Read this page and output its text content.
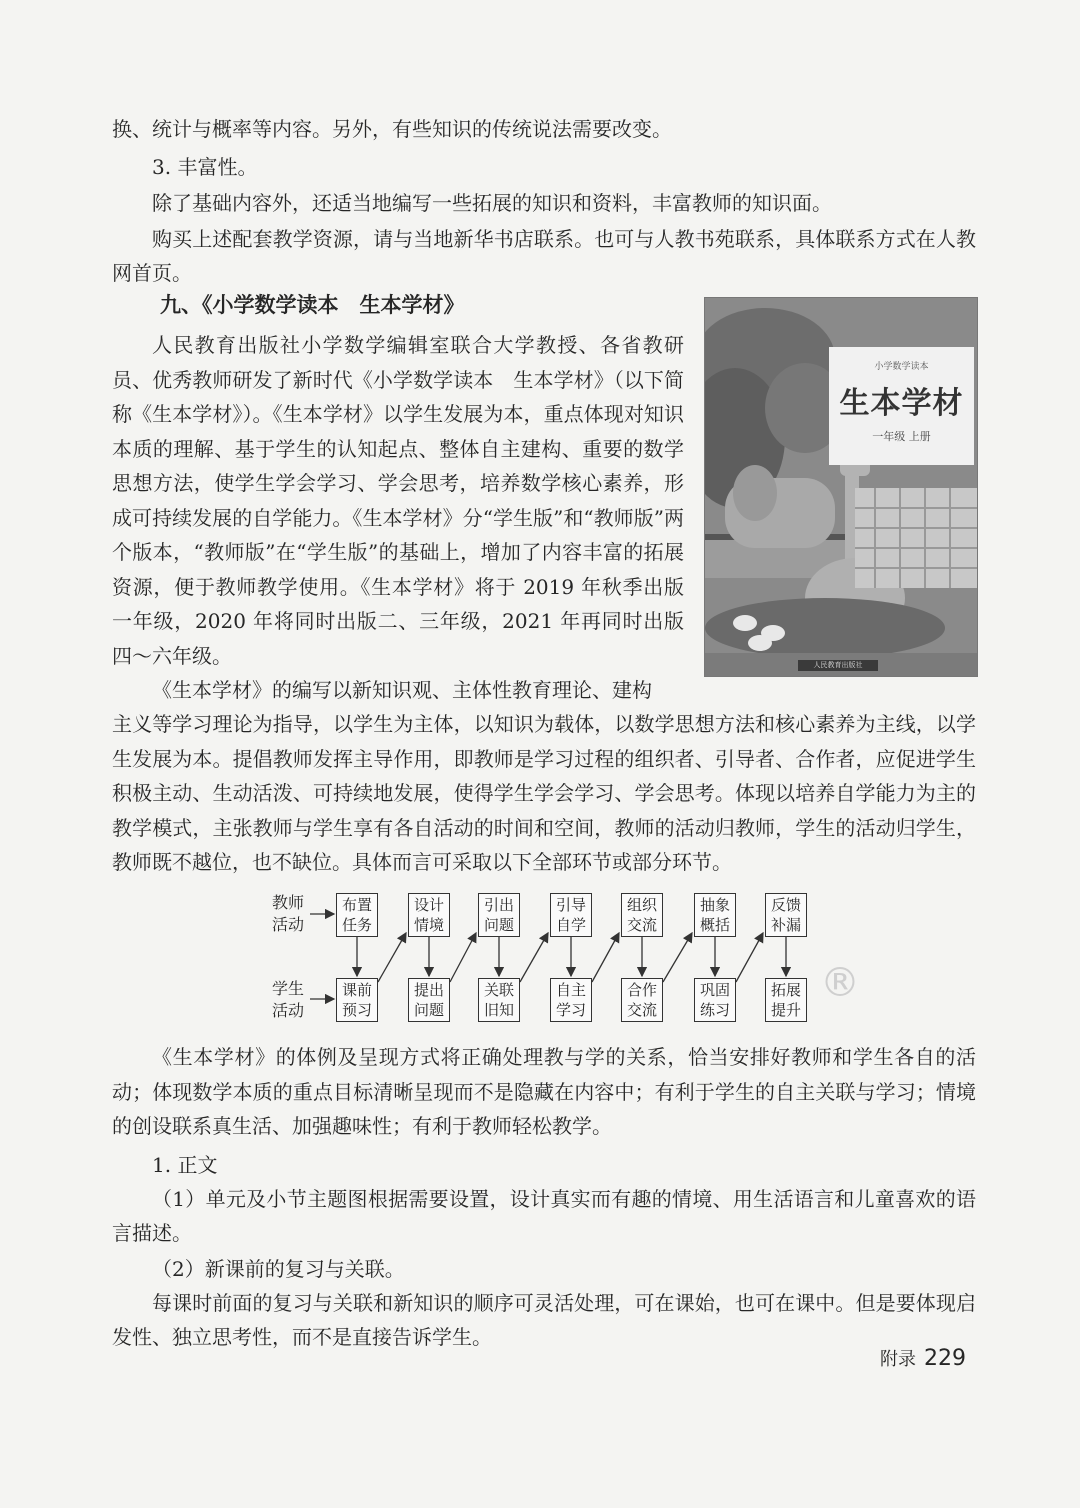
换、统计与概率等内容。另外，有些知识的传统说法需要改变。

3. 丰富性。

除了基础内容外，还适当地编写一些拓展的知识和资料，丰富教师的知识面。

购买上述配套教学资源，请与当地新华书店联系。也可与人教书苑联系，具体联系方式在人教网首页。

九、《小学数学读本　生本学材》

人民教育出版社小学数学编辑室联合大学教授、各省教研员、优秀教师研发了新时代《小学数学读本　生本学材》（以下简称《生本学材》）。《生本学材》以学生发展为本，重点体现对知识本质的理解、基于学生的认知起点、整体自主建构、重要的数学思想方法，使学生学会学习、学会思考，培养数学核心素养，形成可持续发展的自学能力。《生本学材》分“学生版”和“教师版”两个版本，“教师版”在“学生版”的基础上，增加了内容丰富的拓展资源，便于教师教学使用。《生本学材》将于 2019 年秋季出版一年级，2020 年将同时出版二、三年级，2021 年再同时出版四～六年级。

小学数学读本
生本学材
一年级 上册
人民教育出版社

《生本学材》的编写以新知识观、主体性教育理论、建构

主义等学习理论为指导，以学生为主体，以知识为载体，以数学思想方法和核心素养为主线，以学生发展为本。提倡教师发挥主导作用，即教师是学习过程的组织者、引导者、合作者，应促进学生积极主动、生动活泼、可持续地发展，使得学生学会学习、学会思考。体现以培养自学能力为主的教学模式，主张教师与学生享有各自活动的时间和空间，教师的活动归教师，学生的活动归学生，教师既不越位，也不缺位。具体而言可采取以下全部环节或部分环节。

教师
活动
学生
活动
布置
任务
设计
情境
引出
问题
引导
自学
组织
交流
抽象
概括
反馈
补漏
课前
预习
提出
问题
关联
旧知
自主
学习
合作
交流
巩固
练习
拓展
提升
®

《生本学材》的体例及呈现方式将正确处理教与学的关系，恰当安排好教师和学生各自的活动；体现数学本质的重点目标清晰呈现而不是隐藏在内容中；有利于学生的自主关联与学习；情境的创设联系真生活、加强趣味性；有利于教师轻松教学。

1. 正文

（1）单元及小节主题图根据需要设置，设计真实而有趣的情境、用生活语言和儿童喜欢的语言描述。

（2）新课前的复习与关联。

每课时前面的复习与关联和新知识的顺序可灵活处理，可在课始，也可在课中。但是要体现启发性、独立思考性，而不是直接告诉学生。

附录 229
